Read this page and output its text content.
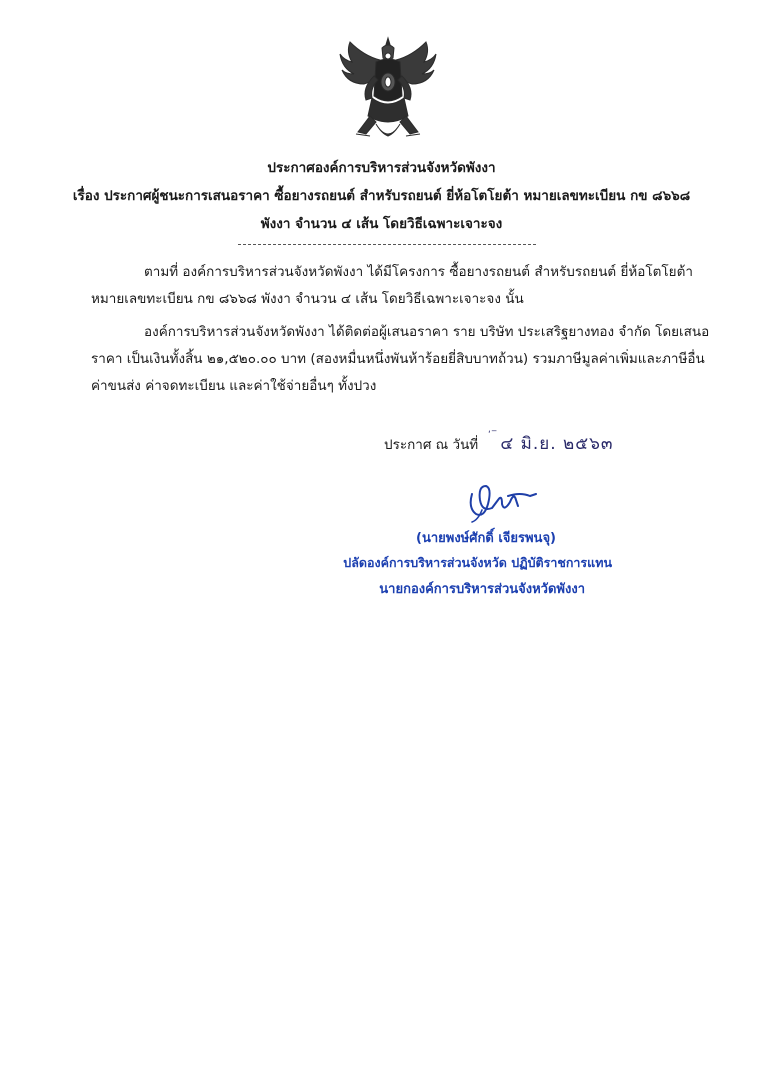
ประกาศองค์การบริหารส่วนจังหวัดพังงา
เรื่อง ประกาศผู้ชนะการเสนอราคา ซื้อยางรถยนต์ สำหรับรถยนต์ ยี่ห้อโตโยต้า หมายเลขทะเบียน กข ๘๖๖๘
พังงา จำนวน ๔ เส้น โดยวิธีเฉพาะเจาะจง
ตามที่ องค์การบริหารส่วนจังหวัดพังงา ได้มีโครงการ ซื้อยางรถยนต์ สำหรับรถยนต์ ยี่ห้อโตโยต้า
หมายเลขทะเบียน กข ๘๖๖๘ พังงา จำนวน ๔ เส้น โดยวิธีเฉพาะเจาะจง นั้น
องค์การบริหารส่วนจังหวัดพังงา ได้ติดต่อผู้เสนอราคา ราย บริษัท ประเสริฐยางทอง จำกัด โดยเสนอ
ราคา เป็นเงินทั้งสิ้น ๒๑,๕๒๐.๐๐ บาท (สองหมื่นหนึ่งพันห้าร้อยยี่สิบบาทถ้วน) รวมภาษีมูลค่าเพิ่มและภาษีอื่น
ค่าขนส่ง ค่าจดทะเบียน และค่าใช้จ่ายอื่นๆ ทั้งปวง
ประกาศ ณ วันที่
‘‾ ๔ มิ.ย. ๒๕๖๓
(นายพงษ์ศักดิ์ เจียรพนจุ)
ปลัดองค์การบริหารส่วนจังหวัด ปฏิบัติราชการแทน
นายกองค์การบริหารส่วนจังหวัดพังงา
